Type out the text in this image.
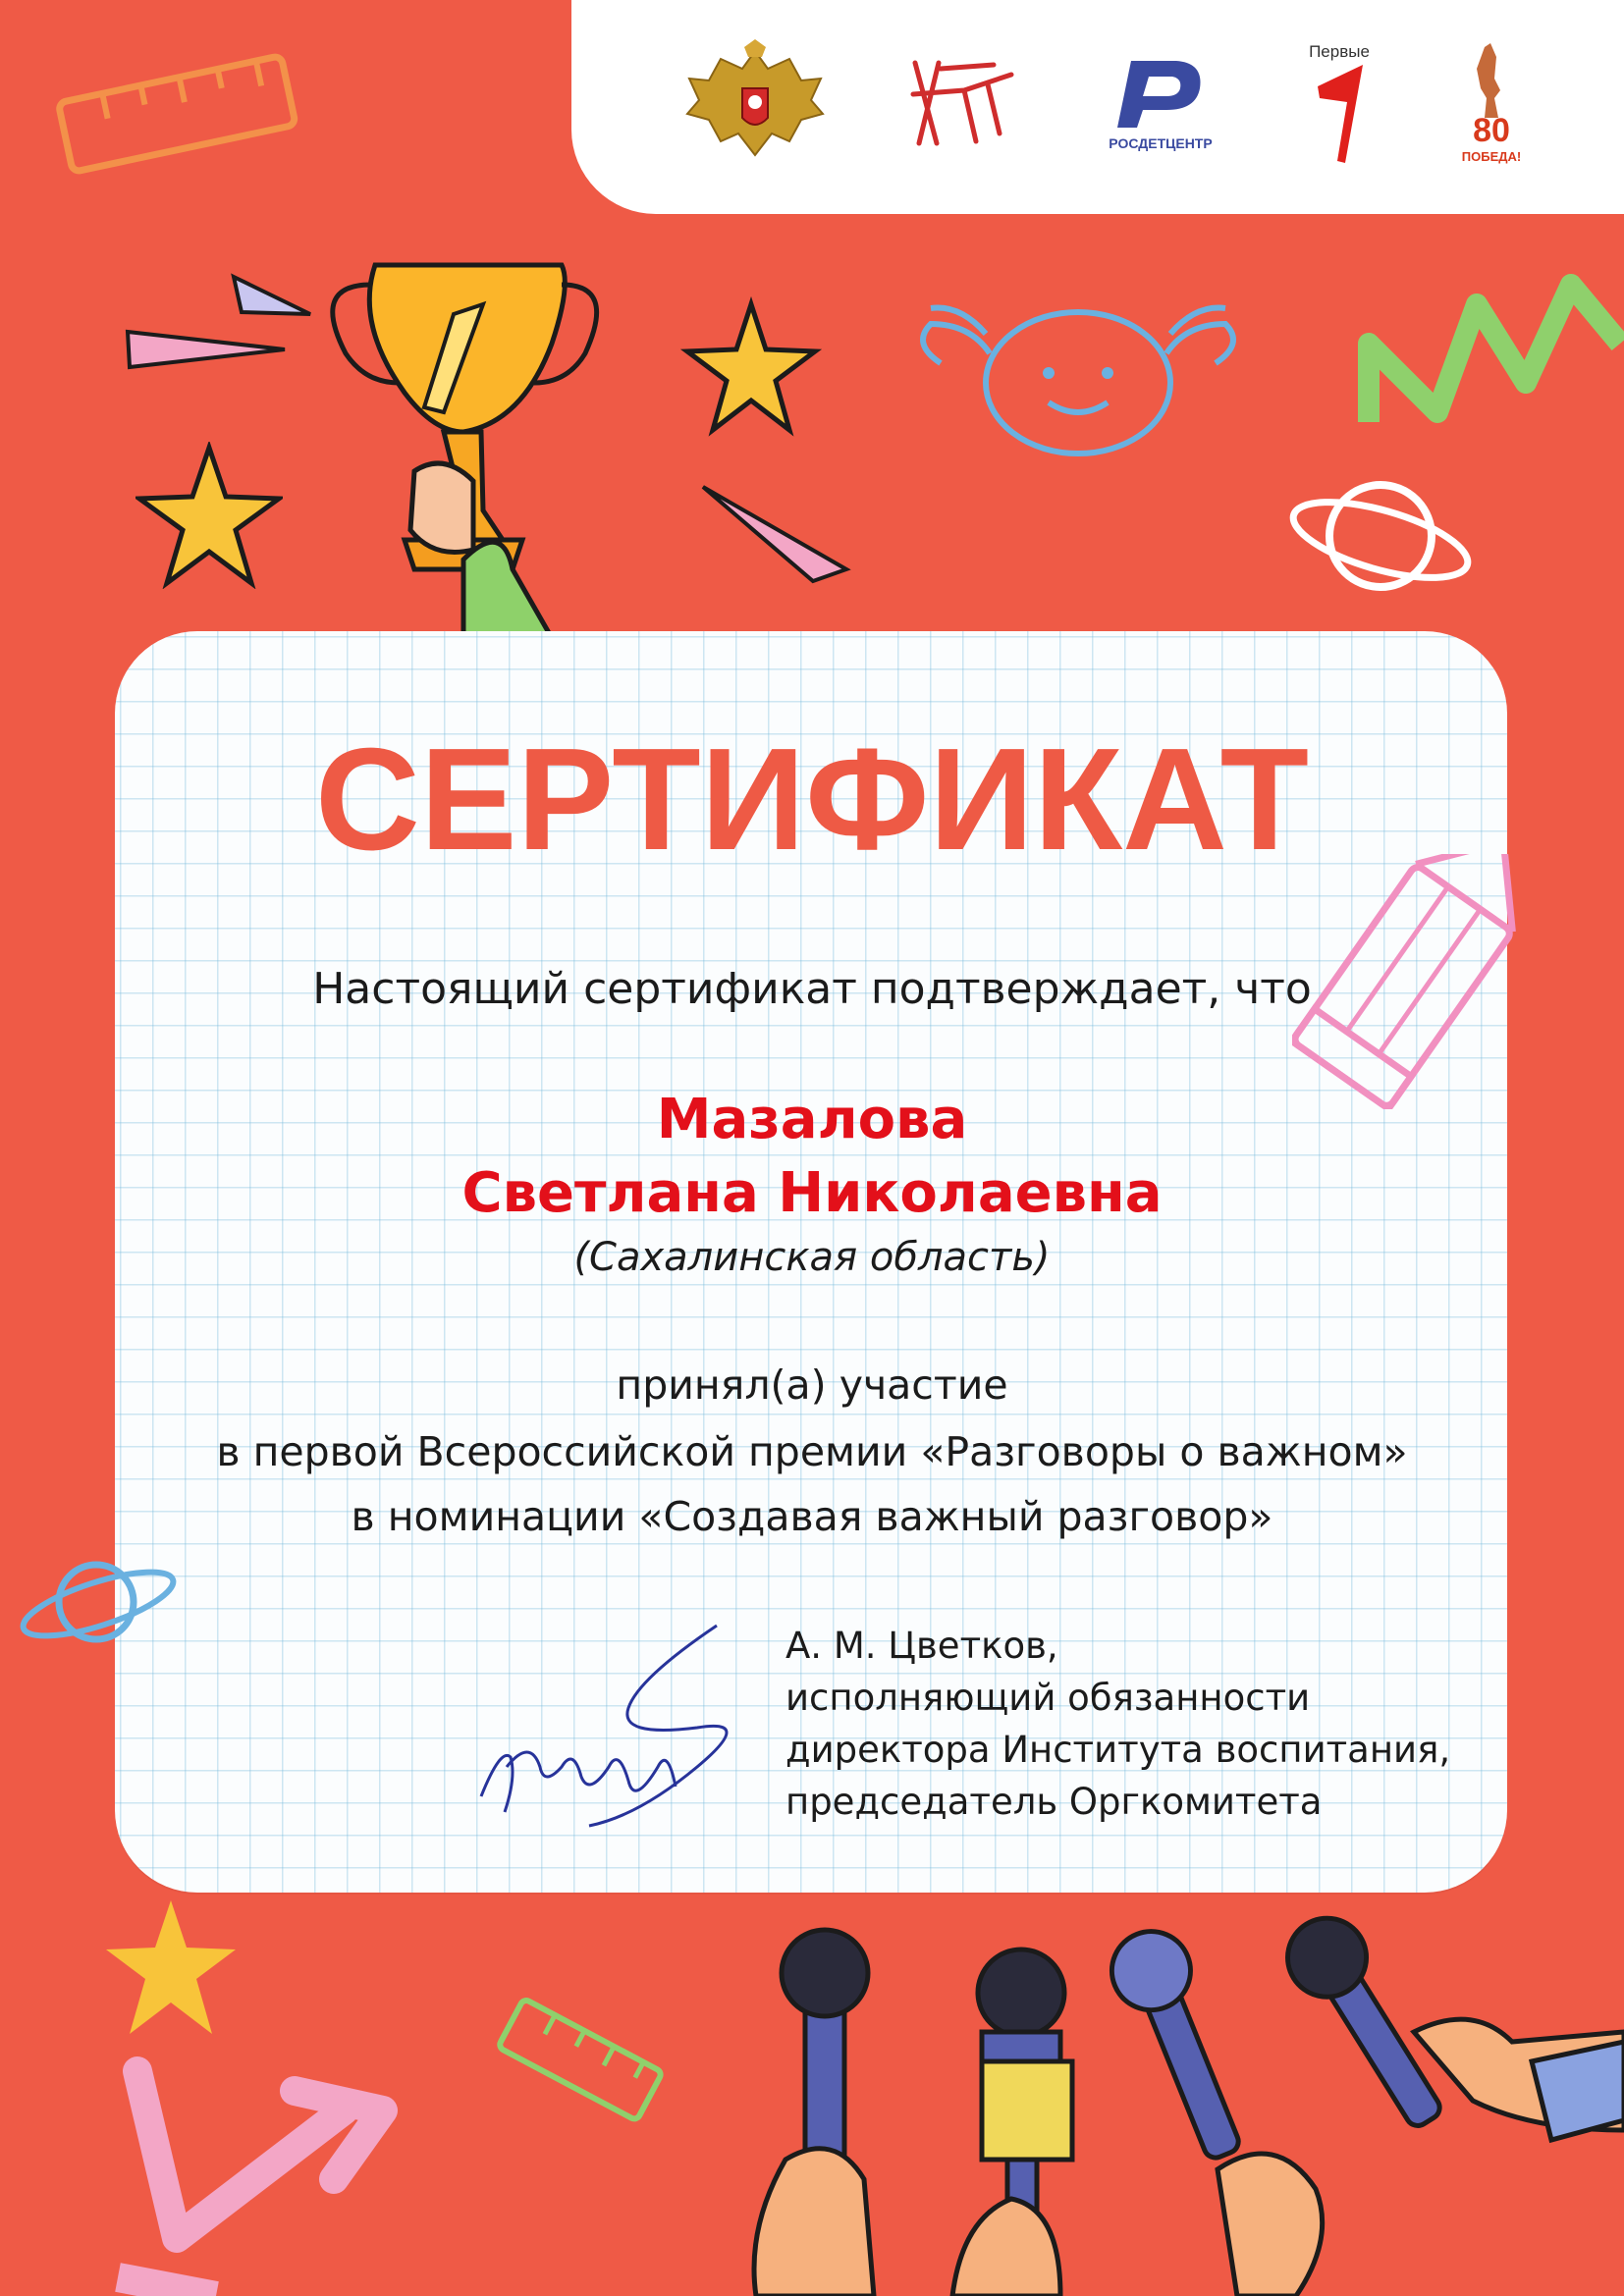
РОСДЕТЦЕНТР
Первые
80
ПОБЕДА!
СЕРТИФИКАТ
Настоящий сертификат подтверждает, что
Мазалова
Светлана Николаевна
(Сахалинская область)
принял(а) участие
в первой Всероссийской премии «Разговоры о важном»
в номинации «Создавая важный разговор»
А. М. Цветков,
исполняющий обязанности
директора Института воспитания,
председатель Оргкомитета
